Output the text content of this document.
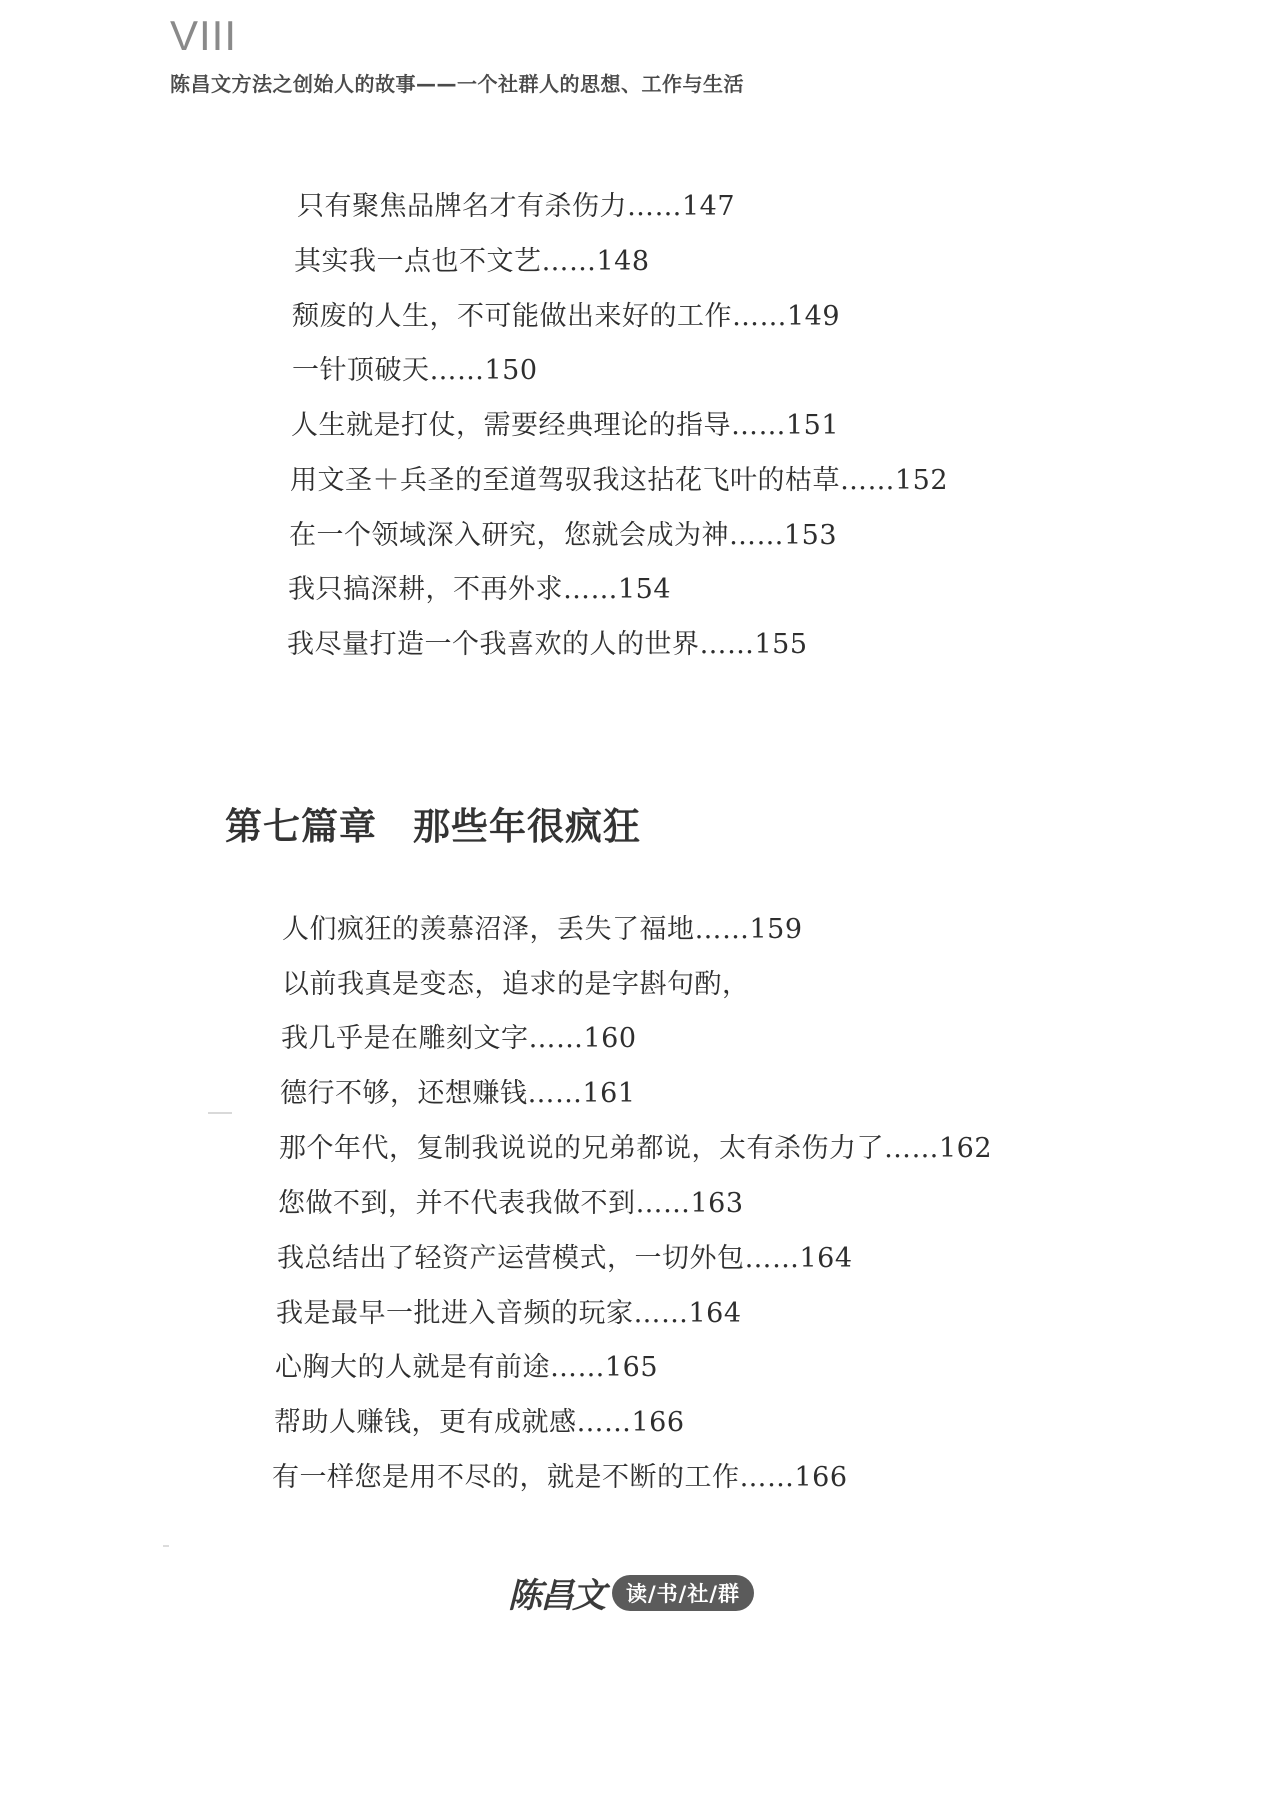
VIII
陈昌文方法之创始人的故事——一个社群人的思想、工作与生活
只有聚焦品牌名才有杀伤力……147
其实我一点也不文艺……148
颓废的人生，不可能做出来好的工作……149
一针顶破天……150
人生就是打仗，需要经典理论的指导……151
用文圣＋兵圣的至道驾驭我这拈花飞叶的枯草……152
在一个领域深入研究，您就会成为神……153
我只搞深耕，不再外求……154
我尽量打造一个我喜欢的人的世界……155
第七篇章 那些年很疯狂
人们疯狂的羡慕沼泽，丢失了福地……159
以前我真是变态，追求的是字斟句酌，
我几乎是在雕刻文字……160
德行不够，还想赚钱……161
那个年代，复制我说说的兄弟都说，太有杀伤力了……162
您做不到，并不代表我做不到……163
我总结出了轻资产运营模式，一切外包……164
我是最早一批进入音频的玩家……164
心胸大的人就是有前途……165
帮助人赚钱，更有成就感……166
有一样您是用不尽的，就是不断的工作……166
陈昌文	读/书/社/群
